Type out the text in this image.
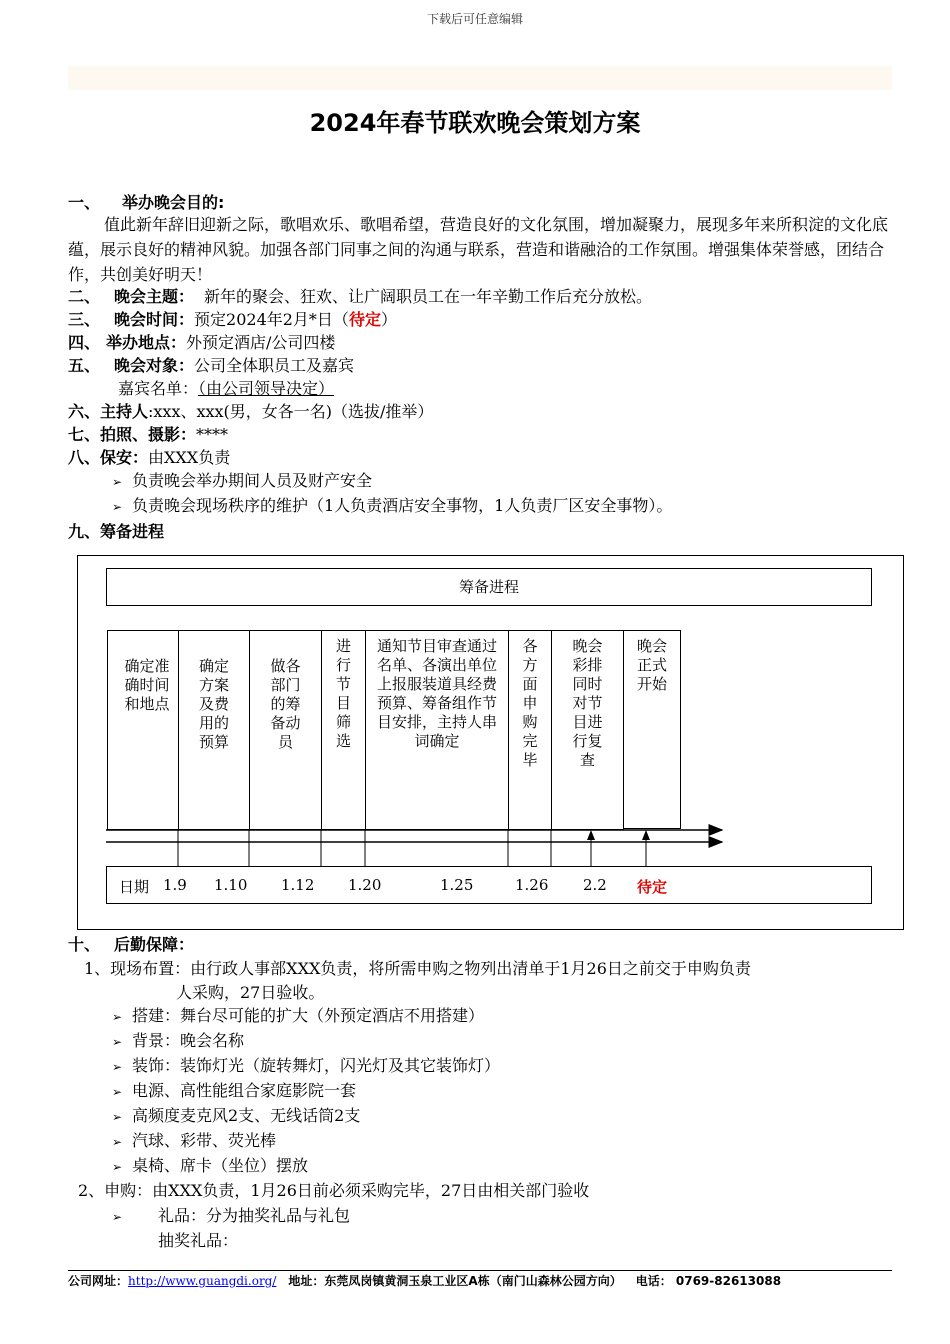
下载后可任意编辑
2024年春节联欢晚会策划方案
一、 举办晚会目的:
值此新年辞旧迎新之际，歌唱欢乐、歌唱希望，营造良好的文化氛围，增加凝聚力，展现多年来所积淀的文化底蕴，展示良好的精神风貌。加强各部门同事之间的沟通与联系，营造和谐融洽的工作氛围。增强集体荣誉感，团结合作，共创美好明天！
二、 晚会主题： 新年的聚会、狂欢、让广阔职员工在一年辛勤工作后充分放松。
三、 晚会时间：预定2024年2月*日（待定）
四、 举办地点：外预定酒店/公司四楼
五、 晚会对象：公司全体职员工及嘉宾
嘉宾名单：（由公司领导决定）
六、主持人:xxx、xxx(男，女各一名)（选拔/推举）
七、拍照、摄影：****
八、保安：由XXX负责
➢ 负责晚会举办期间人员及财产安全
➢ 负责晚会现场秩序的维护（1人负责酒店安全事物，1人负责厂区安全事物）。
九、筹备进程
筹备进程
确定准确时间和地点
确定方案及费用的预算
做各部门的筹备动员
进行节目筛选
通知节目审查通过名单、各演出单位上报服装道具经费预算、筹备组作节目安排，主持人串词确定
各方面申购完毕
晚会彩排同时对节目进行复查
晚会正式开始
日期 1.9 1.10 1.12 1.20	1.25	1.26 2.2 待定
十、 后勤保障：
1、现场布置：由行政人事部XXX负责，将所需申购之物列出清单于1月26日之前交于申购负责
人采购，27日验收。
➢ 搭建：舞台尽可能的扩大（外预定酒店不用搭建）
➢ 背景：晚会名称
➢ 装饰：装饰灯光（旋转舞灯，闪光灯及其它装饰灯）
➢ 电源、高性能组合家庭影院一套
➢ 高频度麦克风2支、无线话筒2支
➢ 汽球、彩带、荧光棒
➢ 桌椅、席卡（坐位）摆放
2、申购：由XXX负责，1月26日前必须采购完毕，27日由相关部门验收
➢ 礼品：分为抽奖礼品与礼包
抽奖礼品：
公司网址：http://www.guangdi.org/ 地址：东莞凤岗镇黄洞玉泉工业区A栋（南门山森林公园方向） 电话： 0769-82613088
